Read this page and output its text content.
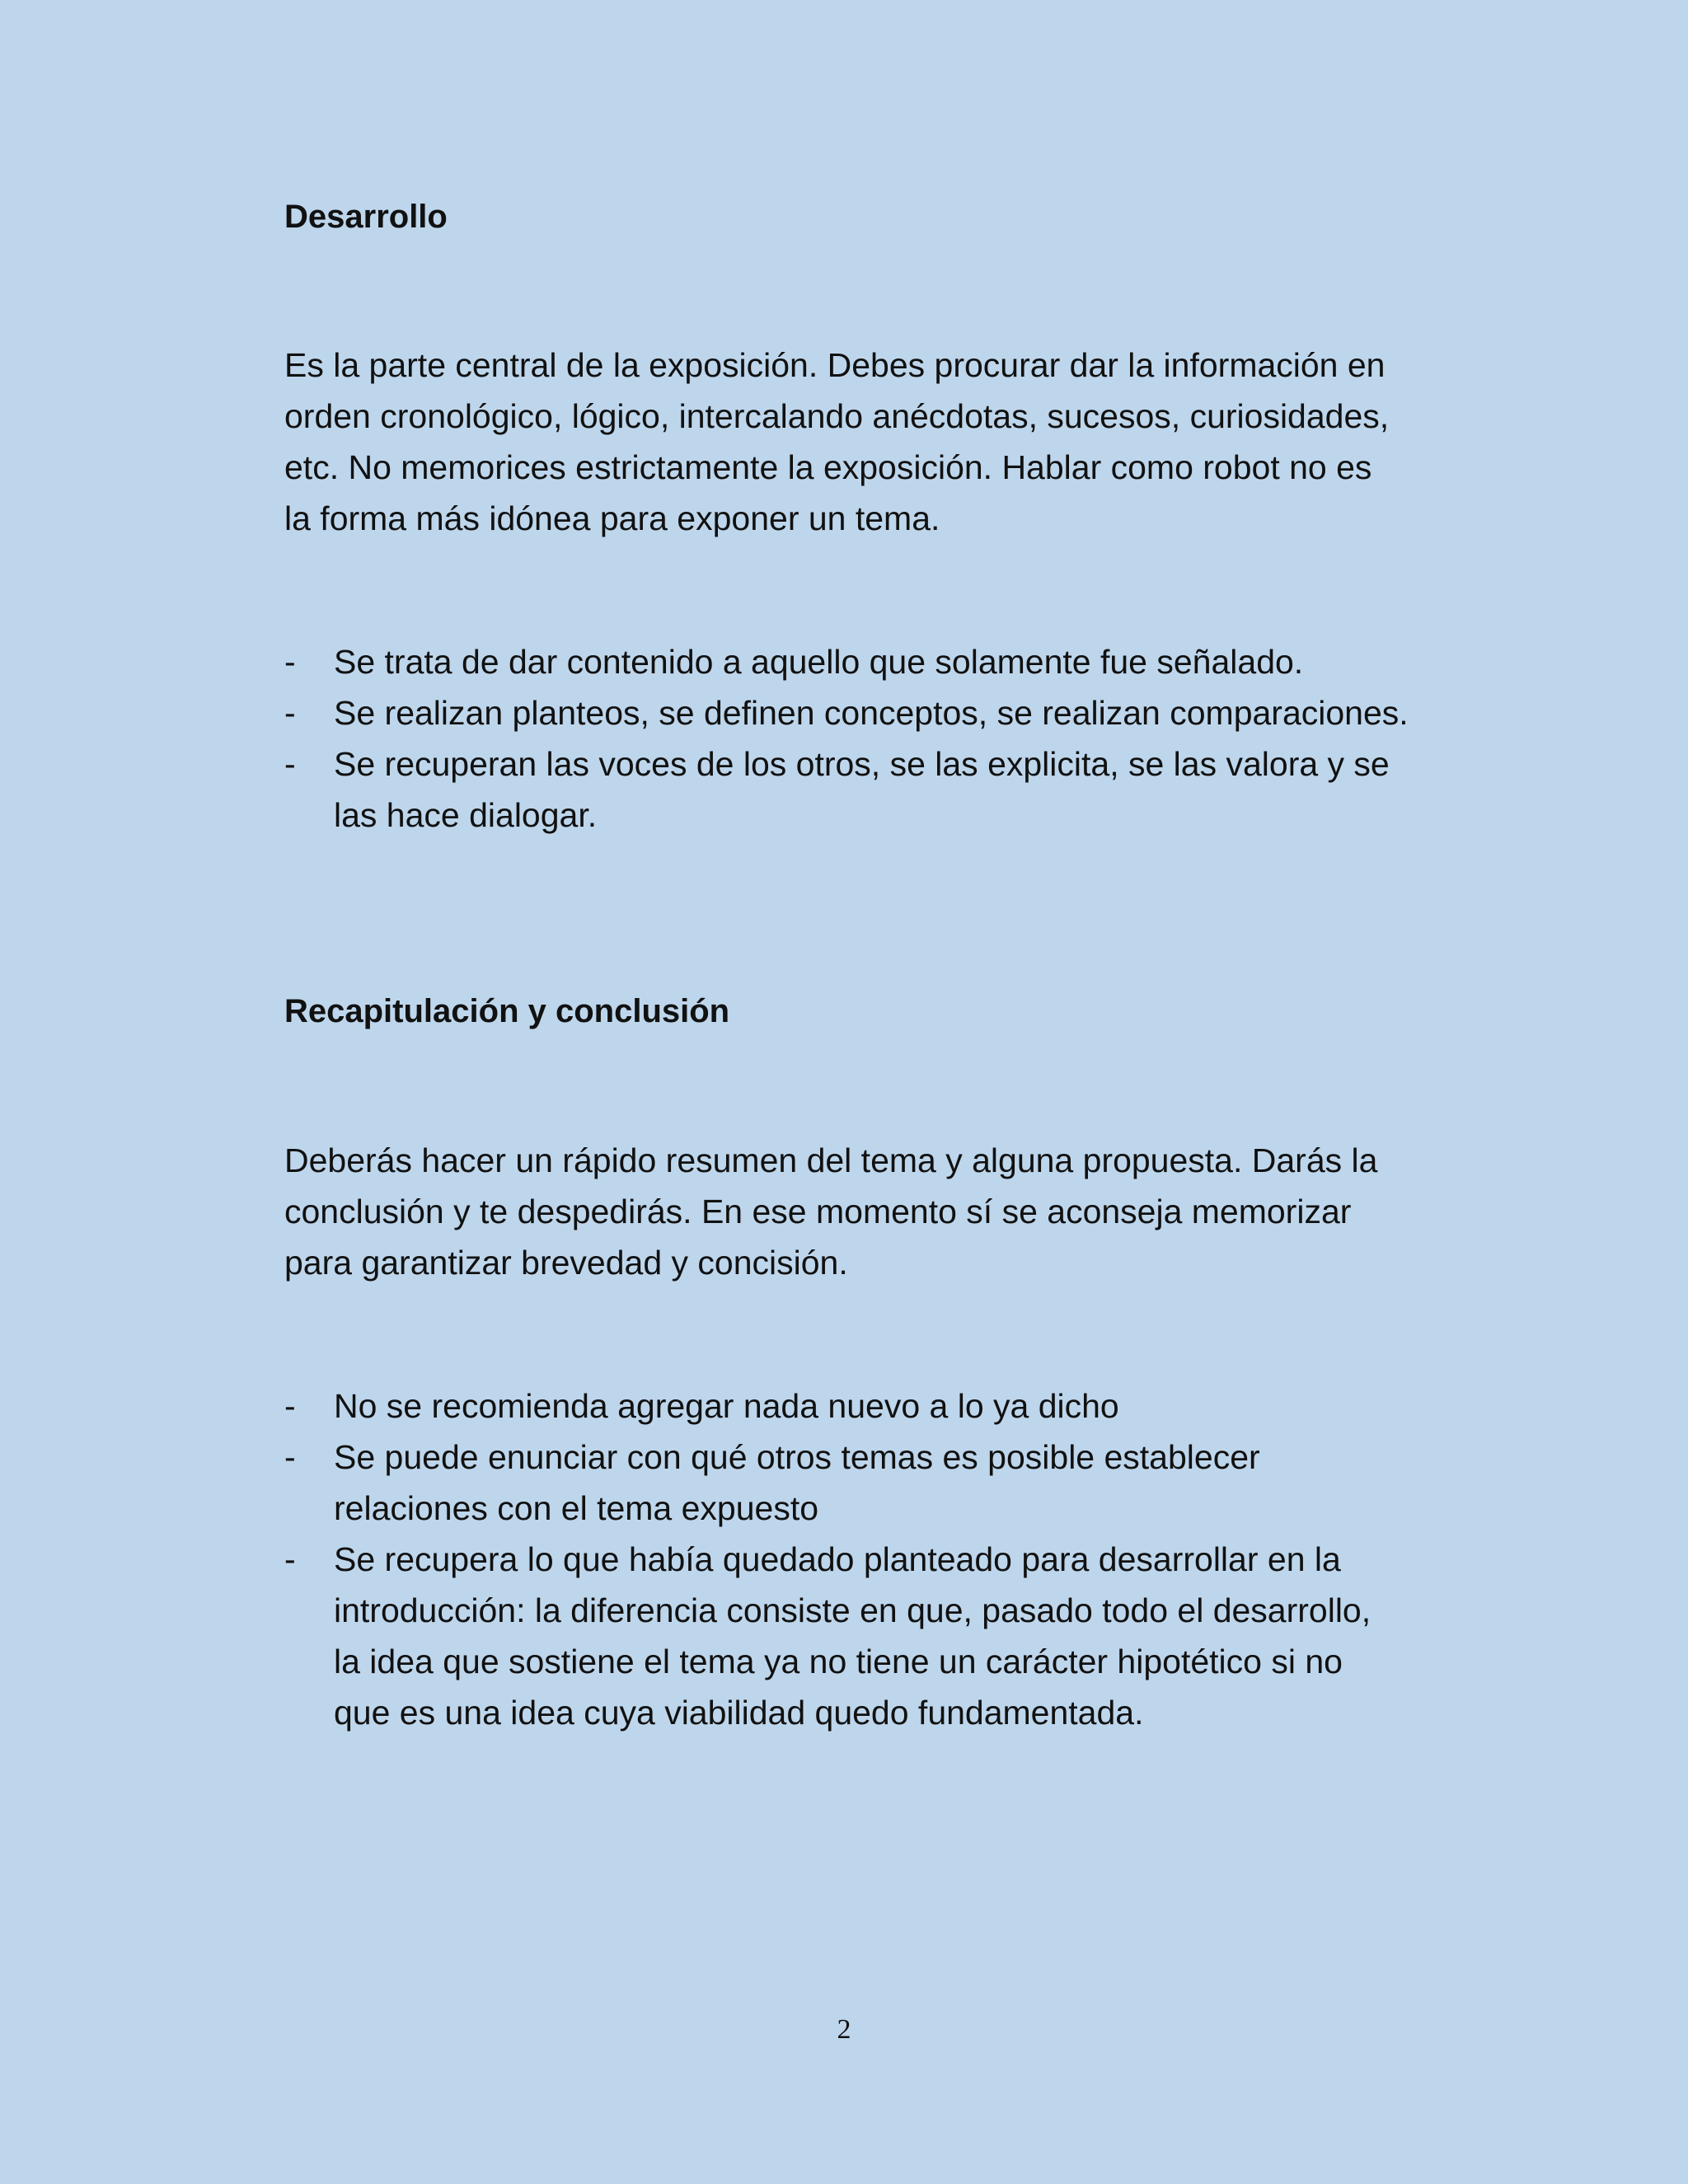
Desarrollo

Es la parte central de la exposición. Debes procurar dar la información en
orden cronológico, lógico, intercalando anécdotas, sucesos, curiosidades,
etc. No memorices estrictamente la exposición. Hablar como robot no es
la forma más idónea para exponer un tema.

- Se trata de dar contenido a aquello que solamente fue señalado.
- Se realizan planteos, se definen conceptos, se realizan comparaciones.
- Se recuperan las voces de los otros, se las explicita, se las valora y se
las hace dialogar.
Recapitulación y conclusión

Deberás hacer un rápido resumen del tema y alguna propuesta. Darás la
conclusión y te despedirás. En ese momento sí se aconseja memorizar
para garantizar brevedad y concisión.

- No se recomienda agregar nada nuevo a lo ya dicho
- Se puede enunciar con qué otros temas es posible establecer
relaciones con el tema expuesto
- Se recupera lo que había quedado planteado para desarrollar en la
introducción: la diferencia consiste en que, pasado todo el desarrollo,
la idea que sostiene el tema ya no tiene un carácter hipotético si no
que es una idea cuya viabilidad quedo fundamentada.
2
